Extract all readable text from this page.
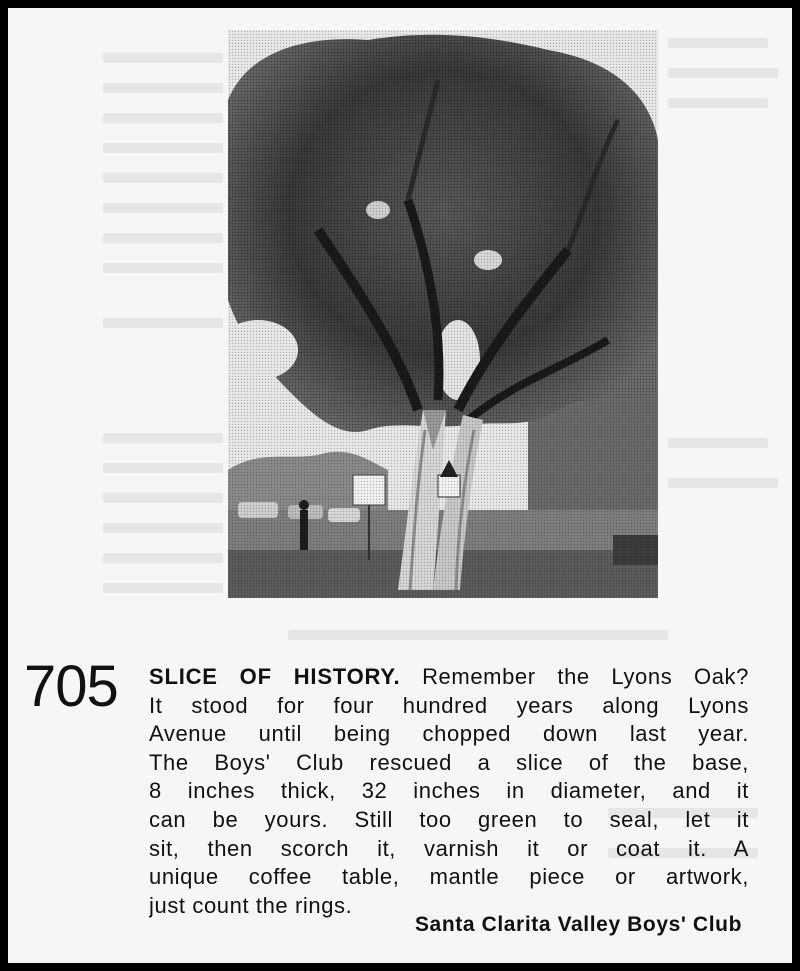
705 SLICE OF HISTORY. Remember the Lyons Oak?
It stood for four hundred years along Lyons
Avenue until being chopped down last year.
The Boys' Club rescued a slice of the base,
8 inches thick, 32 inches in diameter, and it
can be yours. Still too green to seal, let it
sit, then scorch it, varnish it or coat it. A
unique coffee table, mantle piece or artwork,
just count the rings.
Santa Clarita Valley Boys' Club
